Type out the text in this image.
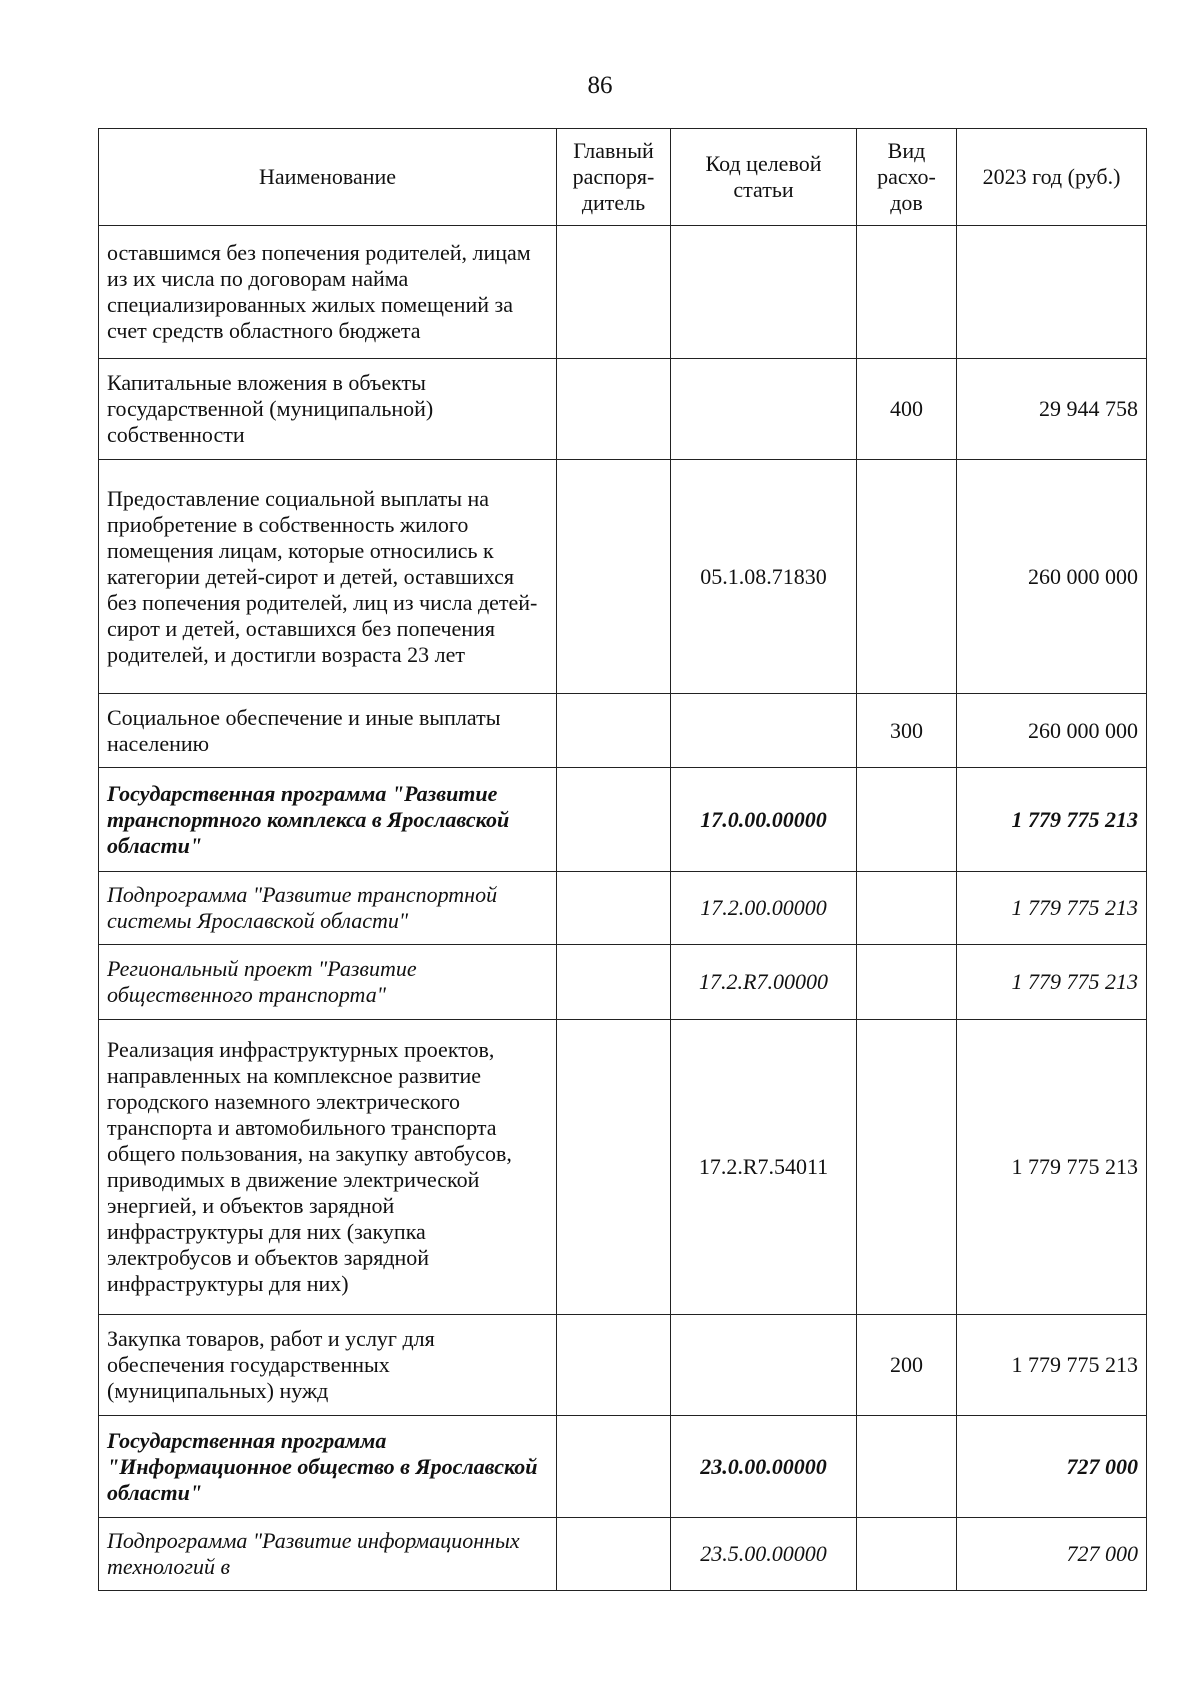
86
Наименование	Главный распоря-дитель	Код целевой статьи	Вид расхо-дов	2023 год (руб.)
оставшимся без попечения родителей, лицам из их числа по договорам найма специализированных жилых помещений за счет средств областного бюджета				
Капитальные вложения в объекты государственной (муниципальной) собственности			400	29 944 758
Предоставление социальной выплаты на приобретение в собственность жилого помещения лицам, которые относились к категории детей-сирот и детей, оставшихся без попечения родителей, лиц из числа детей-сирот и детей, оставшихся без попечения родителей, и достигли возраста 23 лет		05.1.08.71830		260 000 000
Социальное обеспечение и иные выплаты населению			300	260 000 000
Государственная программа "Развитие транспортного комплекса в Ярославской области"		17.0.00.00000		1 779 775 213
Подпрограмма "Развитие транспортной системы Ярославской области"		17.2.00.00000		1 779 775 213
Региональный проект "Развитие общественного транспорта"		17.2.R7.00000		1 779 775 213
Реализация инфраструктурных проектов, направленных на комплексное развитие городского наземного электрического транспорта и автомобильного транспорта общего пользования, на закупку автобусов, приводимых в движение электрической энергией, и объектов зарядной инфраструктуры для них (закупка электробусов и объектов зарядной инфраструктуры для них)		17.2.R7.54011		1 779 775 213
Закупка товаров, работ и услуг для обеспечения государственных (муниципальных) нужд			200	1 779 775 213
Государственная программа "Информационное общество в Ярославской области"		23.0.00.00000		727 000
Подпрограмма "Развитие информационных технологий в		23.5.00.00000		727 000
